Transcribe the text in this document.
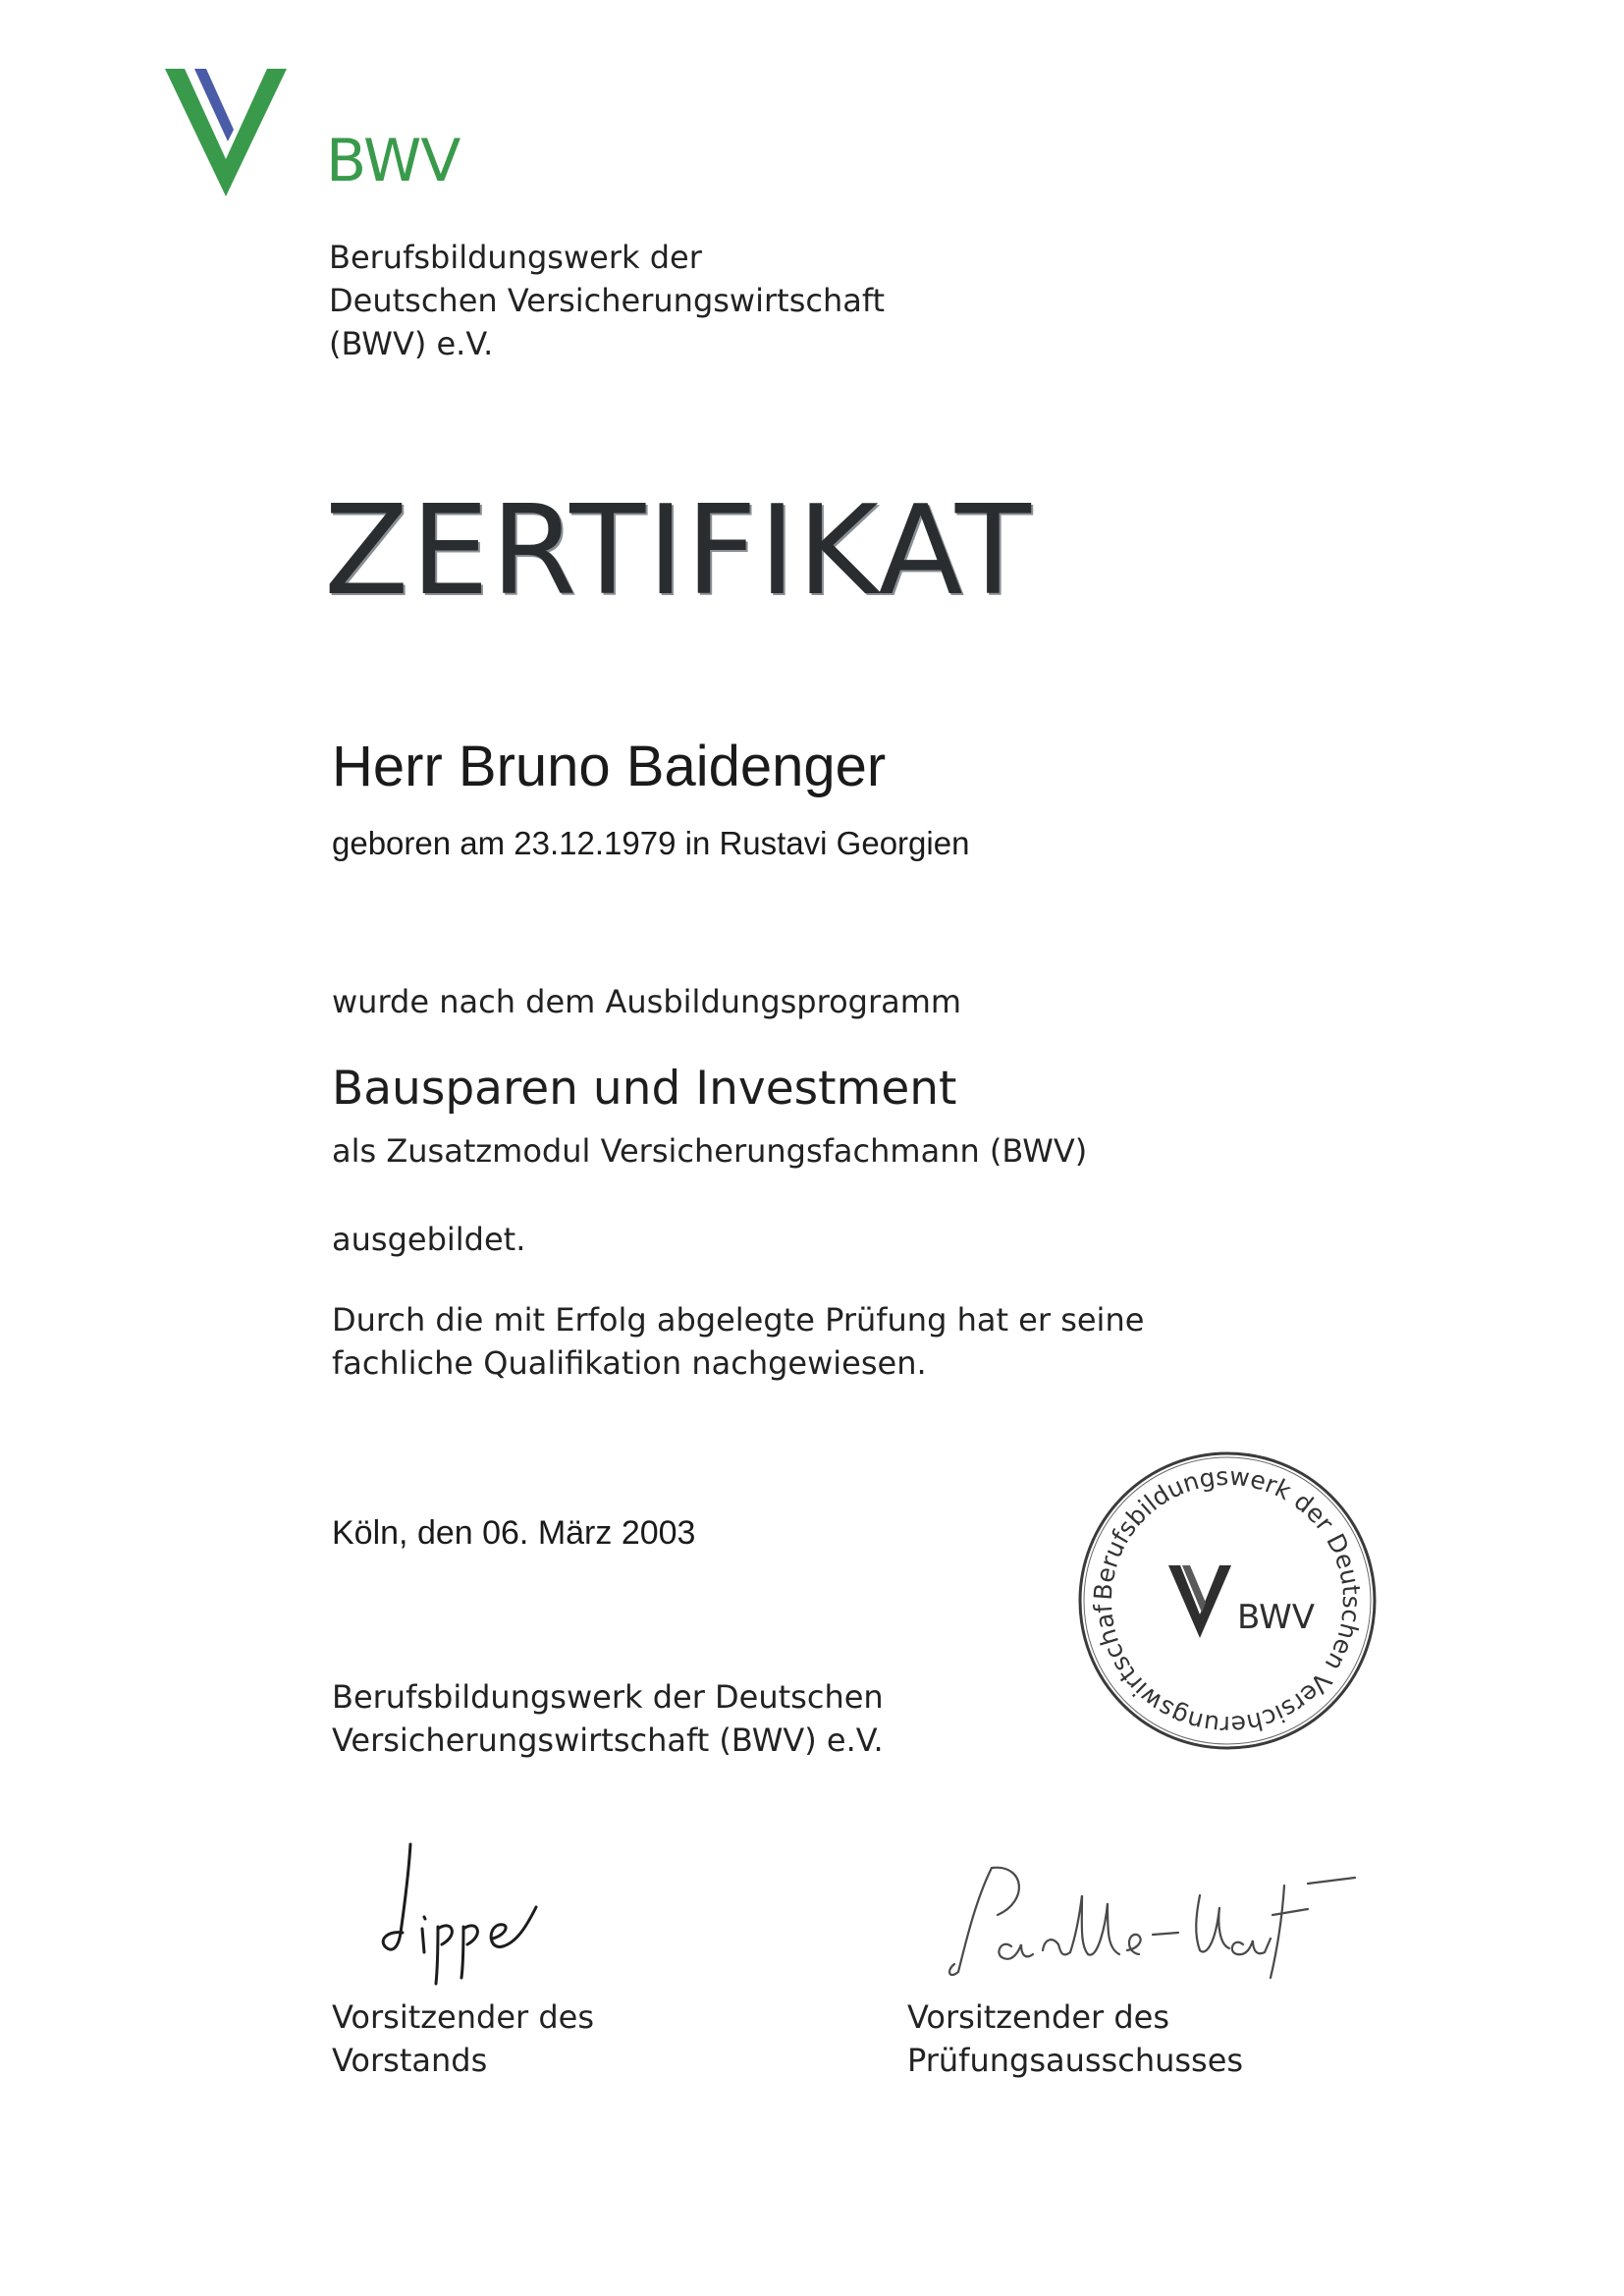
BWV
Berufsbildungswerk der
Deutschen Versicherungswirtschaft
(BWV) e.V.
ZERTIFIKAT
Herr Bruno Baidenger
geboren am 23.12.1979 in Rustavi Georgien
wurde nach dem Ausbildungsprogramm
Bausparen und Investment
als Zusatzmodul Versicherungsfachmann (BWV)
ausgebildet.
Durch die mit Erfolg abgelegte Prüfung hat er seine
fachliche Qualifikation nachgewiesen.
Köln, den 06. März 2003
Berufsbildungswerk der Deutschen
Versicherungswirtschaft (BWV) e.V.
Berufsbildungswerk der Deutschen Versicherungswirtschaf	BWV
Vorsitzender des
Vorstands
Vorsitzender des
Prüfungsausschusses
